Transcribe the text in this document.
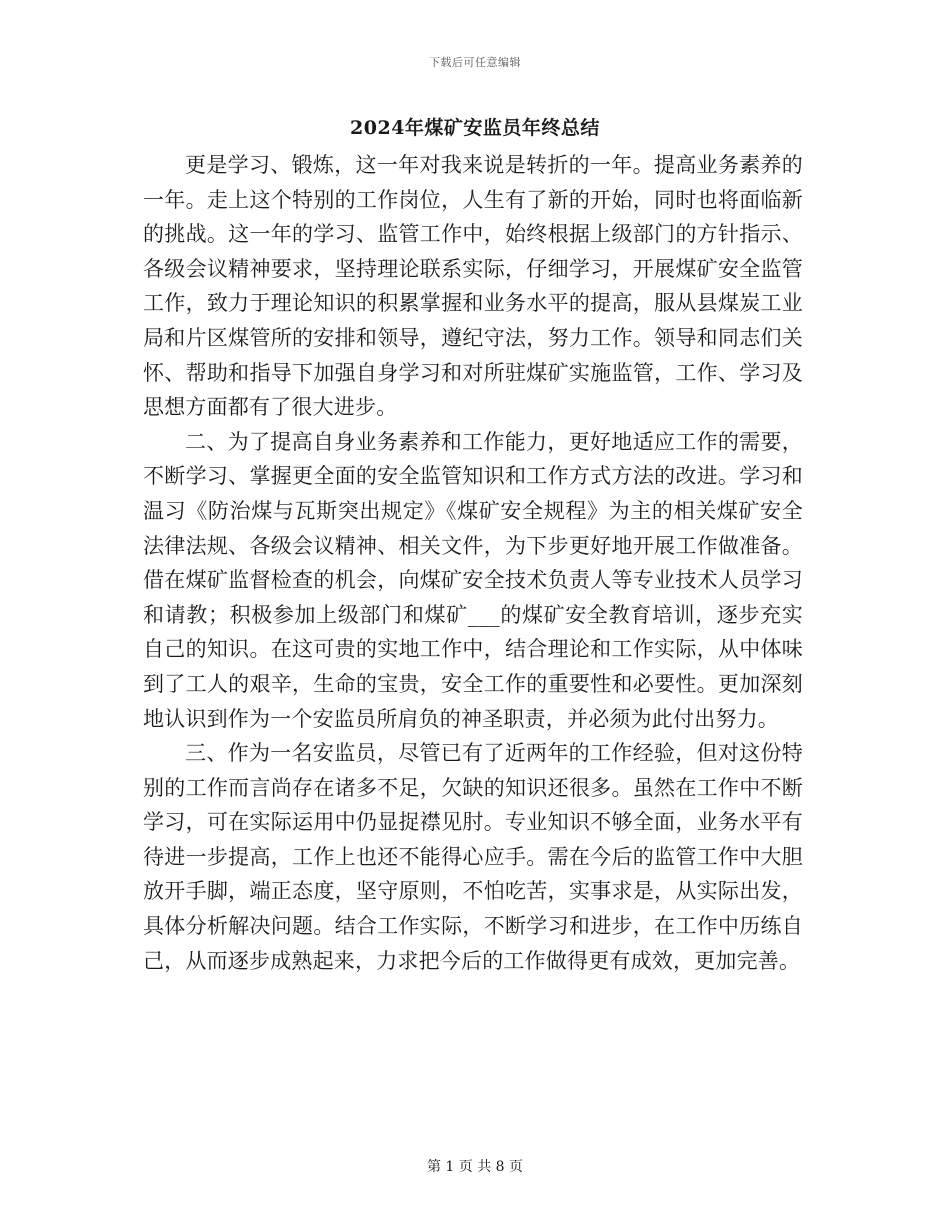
下载后可任意编辑
2024年煤矿安监员年终总结

更是学习、锻炼，这一年对我来说是转折的一年。提高业务素养的一年。走上这个特别的工作岗位，人生有了新的开始，同时也将面临新的挑战。这一年的学习、监管工作中，始终根据上级部门的方针指示、各级会议精神要求，坚持理论联系实际，仔细学习，开展煤矿安全监管工作，致力于理论知识的积累掌握和业务水平的提高，服从县煤炭工业局和片区煤管所的安排和领导，遵纪守法，努力工作。领导和同志们关怀、帮助和指导下加强自身学习和对所驻煤矿实施监管，工作、学习及思想方面都有了很大进步。

二、为了提高自身业务素养和工作能力，更好地适应工作的需要，不断学习、掌握更全面的安全监管知识和工作方式方法的改进。学习和温习《防治煤与瓦斯突出规定》《煤矿安全规程》为主的相关煤矿安全法律法规、各级会议精神、相关文件，为下步更好地开展工作做准备。借在煤矿监督检查的机会，向煤矿安全技术负责人等专业技术人员学习和请教；积极参加上级部门和煤矿___的煤矿安全教育培训，逐步充实自己的知识。在这可贵的实地工作中，结合理论和工作实际，从中体味到了工人的艰辛，生命的宝贵，安全工作的重要性和必要性。更加深刻地认识到作为一个安监员所肩负的神圣职责，并必须为此付出努力。

三、作为一名安监员，尽管已有了近两年的工作经验，但对这份特别的工作而言尚存在诸多不足，欠缺的知识还很多。虽然在工作中不断学习，可在实际运用中仍显捉襟见肘。专业知识不够全面，业务水平有待进一步提高，工作上也还不能得心应手。需在今后的监管工作中大胆放开手脚，端正态度，坚守原则，不怕吃苦，实事求是，从实际出发，具体分析解决问题。结合工作实际，不断学习和进步，在工作中历练自己，从而逐步成熟起来，力求把今后的工作做得更有成效，更加完善。

第 1 页 共 8 页
